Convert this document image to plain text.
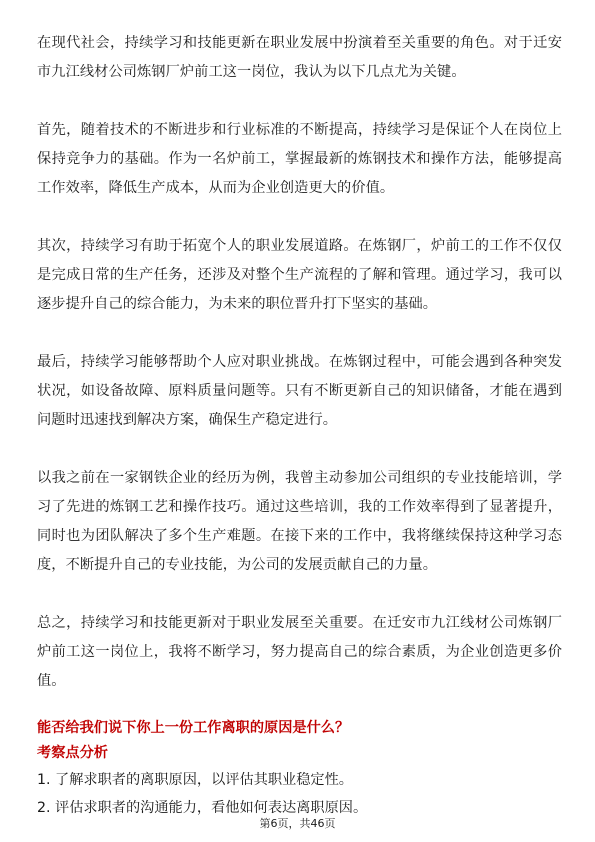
在现代社会，持续学习和技能更新在职业发展中扮演着至关重要的角色。对于迁安市九江线材公司炼钢厂炉前工这一岗位，我认为以下几点尤为关键。

首先，随着技术的不断进步和行业标准的不断提高，持续学习是保证个人在岗位上保持竞争力的基础。作为一名炉前工，掌握最新的炼钢技术和操作方法，能够提高工作效率，降低生产成本，从而为企业创造更大的价值。

其次，持续学习有助于拓宽个人的职业发展道路。在炼钢厂，炉前工的工作不仅仅是完成日常的生产任务，还涉及对整个生产流程的了解和管理。通过学习，我可以逐步提升自己的综合能力，为未来的职位晋升打下坚实的基础。

最后，持续学习能够帮助个人应对职业挑战。在炼钢过程中，可能会遇到各种突发状况，如设备故障、原料质量问题等。只有不断更新自己的知识储备，才能在遇到问题时迅速找到解决方案，确保生产稳定进行。

以我之前在一家钢铁企业的经历为例，我曾主动参加公司组织的专业技能培训，学习了先进的炼钢工艺和操作技巧。通过这些培训，我的工作效率得到了显著提升，同时也为团队解决了多个生产难题。在接下来的工作中，我将继续保持这种学习态度，不断提升自己的专业技能，为公司的发展贡献自己的力量。

总之，持续学习和技能更新对于职业发展至关重要。在迁安市九江线材公司炼钢厂炉前工这一岗位上，我将不断学习，努力提高自己的综合素质，为企业创造更多价值。

能否给我们说下你上一份工作离职的原因是什么？
考察点分析
1. 了解求职者的离职原因，以评估其职业稳定性。
2. 评估求职者的沟通能力，看他如何表达离职原因。
第6页，共46页
